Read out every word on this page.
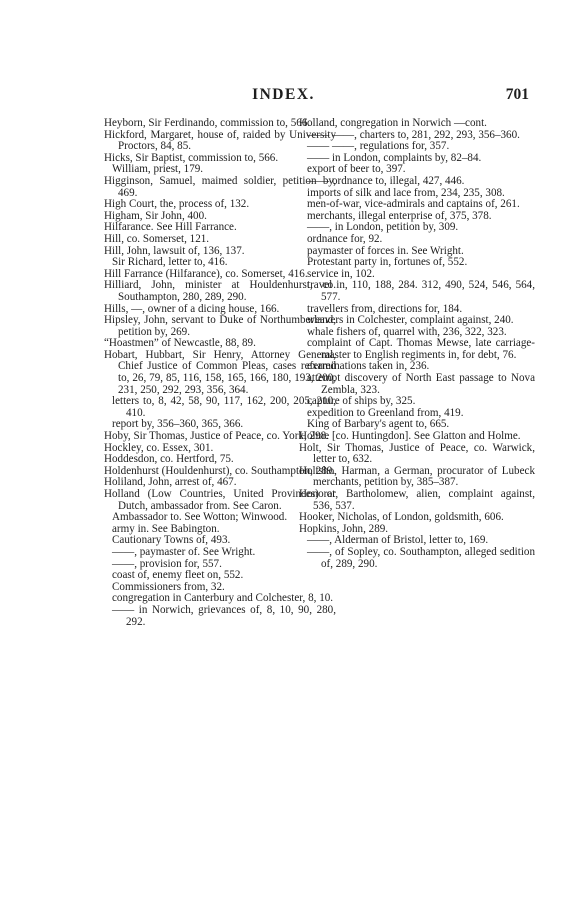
INDEX.	701

Heyborn, Sir Ferdinando, commission to, 566.

Hickford, Margaret, house of, raided by University Proctors, 84, 85.

Hicks, Sir Baptist, commission to, 566.

William, priest, 179.

Higginson, Samuel, maimed soldier, petition by, 469.

High Court, the, process of, 132.

Higham, Sir John, 400.

Hilfarance. See Hill Farrance.

Hill, co. Somerset, 121.

Hill, John, lawsuit of, 136, 137.

Sir Richard, letter to, 416.

Hill Farrance (Hilfarance), co. Somerset, 416.

Hilliard, John, minister at Houldenhurst, co. Southampton, 280, 289, 290.

Hills, —, owner of a dicing house, 166.

Hipsley, John, servant to Duke of Northumberland, petition by, 269.

“Hoastmen” of Newcastle, 88, 89.

Hobart, Hubbart, Sir Henry, Attorney General, Chief Justice of Common Pleas, cases referred to, 26, 79, 85, 116, 158, 165, 166, 180, 193, 200, 231, 250, 292, 293, 356, 364.

letters to, 8, 42, 58, 90, 117, 162, 200, 205, 210, 410.

report by, 356–360, 365, 366.

Hoby, Sir Thomas, Justice of Peace, co. York, 298.

Hockley, co. Essex, 301.

Hoddesdon, co. Hertford, 75.

Holdenhurst (Houldenhurst), co. Southampton, 289.

Holiland, John, arrest of, 467.

Holland (Low Countries, United Provinces) or Dutch, ambassador from. See Caron.

Ambassador to. See Wotton; Winwood.

army in. See Babington.

Cautionary Towns of, 493.

——, paymaster of. See Wright.

——, provision for, 557.

coast of, enemy fleet on, 552.

Commissioners from, 32.

congregation in Canterbury and Colchester, 8, 10.

—— in Norwich, grievances of, 8, 10, 90, 280, 292.

Holland, congregation in Norwich —cont.

—— ——, charters to, 281, 292, 293, 356–360.

—— ——, regulations for, 357.

—— in London, complaints by, 82–84.

export of beer to, 397.

—— ordnance to, illegal, 427, 446.

imports of silk and lace from, 234, 235, 308.

men-of-war, vice-admirals and captains of, 261.

merchants, illegal enterprise of, 375, 378.

——, in London, petition by, 309.

ordnance for, 92.

paymaster of forces in. See Wright.

Protestant party in, fortunes of, 552.

service in, 102.

travel in, 110, 188, 284. 312, 490, 524, 546, 564, 577.

travellers from, directions for, 184.

weavers in Colchester, complaint against, 240.

whale fishers of, quarrel with, 236, 322, 323.

complaint of Capt. Thomas Mewse, late carriage-master to English regiments in, for debt, 76.

examinations taken in, 236.

attempt discovery of North East passage to Nova Zembla, 323.

capture of ships by, 325.

expedition to Greenland from, 419.

King of Barbary's agent to, 665.

Holme [co. Huntingdon]. See Glatton and Holme.

Holt, Sir Thomas, Justice of Peace, co. Warwick, letter to, 632.

Holtsho, Harman, a German, procurator of Lubeck merchants, petition by, 385–387.

Honorat, Bartholomew, alien, complaint against, 536, 537.

Hooker, Nicholas, of London, goldsmith, 606.

Hopkins, John, 289.

——, Alderman of Bristol, letter to, 169.

——, of Sopley, co. Southampton, alleged sedition of, 289, 290.
